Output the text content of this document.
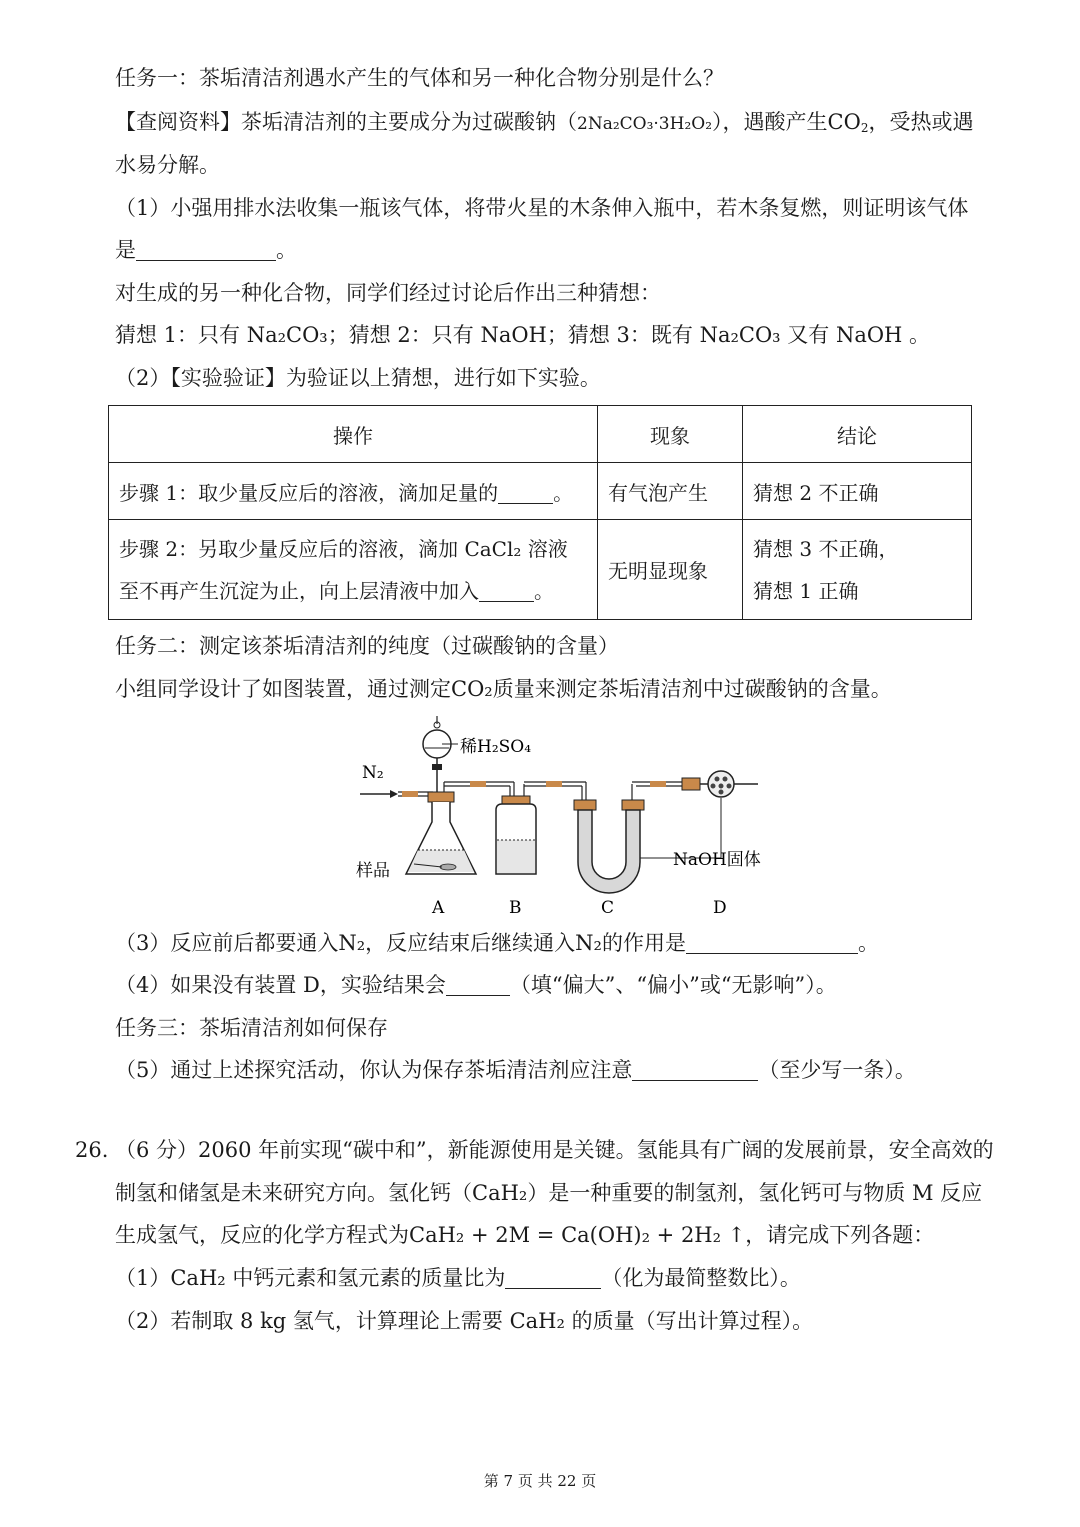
任务一：茶垢清洁剂遇水产生的气体和另一种化合物分别是什么？
【查阅资料】茶垢清洁剂的主要成分为过碳酸钠（2Na₂CO₃·3H₂O₂），遇酸产生$CO_2$，受热或遇
水易分解。
（1）小强用排水法收集一瓶该气体，将带火星的木条伸入瓶中，若木条复燃，则证明该气体
是	。
对生成的另一种化合物，同学们经过讨论后作出三种猜想：
猜想 1：只有 Na₂CO₃；猜想 2：只有 NaOH；猜想 3：既有 Na₂CO₃ 又有 NaOH 。
（2）【实验验证】为验证以上猜想，进行如下实验。
操作	现象	结论
步骤 1：取少量反应后的溶液，滴加足量的 。	有气泡产生	猜想 2 不正确
步骤 2：另取少量反应后的溶液，滴加 CaCl₂ 溶液
至不再产生沉淀为止，向上层清液中加入 。	无明显现象	猜想 3 不正确，
猜想 1 正确
任务二：测定该茶垢清洁剂的纯度（过碳酸钠的含量）
小组同学设计了如图装置，通过测定CO₂质量来测定茶垢清洁剂中过碳酸钠的含量。
N₂
稀H₂SO₄
样品
NaOH固体
A	B	C	D
（3）反应前后都要通入N₂，反应结束后继续通入N₂的作用是	。
（4）如果没有装置 D，实验结果会	（填“偏大”、“偏小”或“无影响”）。
任务三：茶垢清洁剂如何保存
（5）通过上述探究活动，你认为保存茶垢清洁剂应注意	（至少写一条）。
26. （6 分）2060 年前实现“碳中和”，新能源使用是关键。氢能具有广阔的发展前景，安全高效的
制氢和储氢是未来研究方向。氢化钙（CaH₂）是一种重要的制氢剂，氢化钙可与物质 M 反应
生成氢气，反应的化学方程式为CaH₂ + 2M = Ca(OH)₂ + 2H₂ ↑，请完成下列各题：
（1）CaH₂ 中钙元素和氢元素的质量比为	（化为最简整数比）。
（2）若制取 8 kg 氢气，计算理论上需要 CaH₂ 的质量（写出计算过程）。
第 7 页 共 22 页
